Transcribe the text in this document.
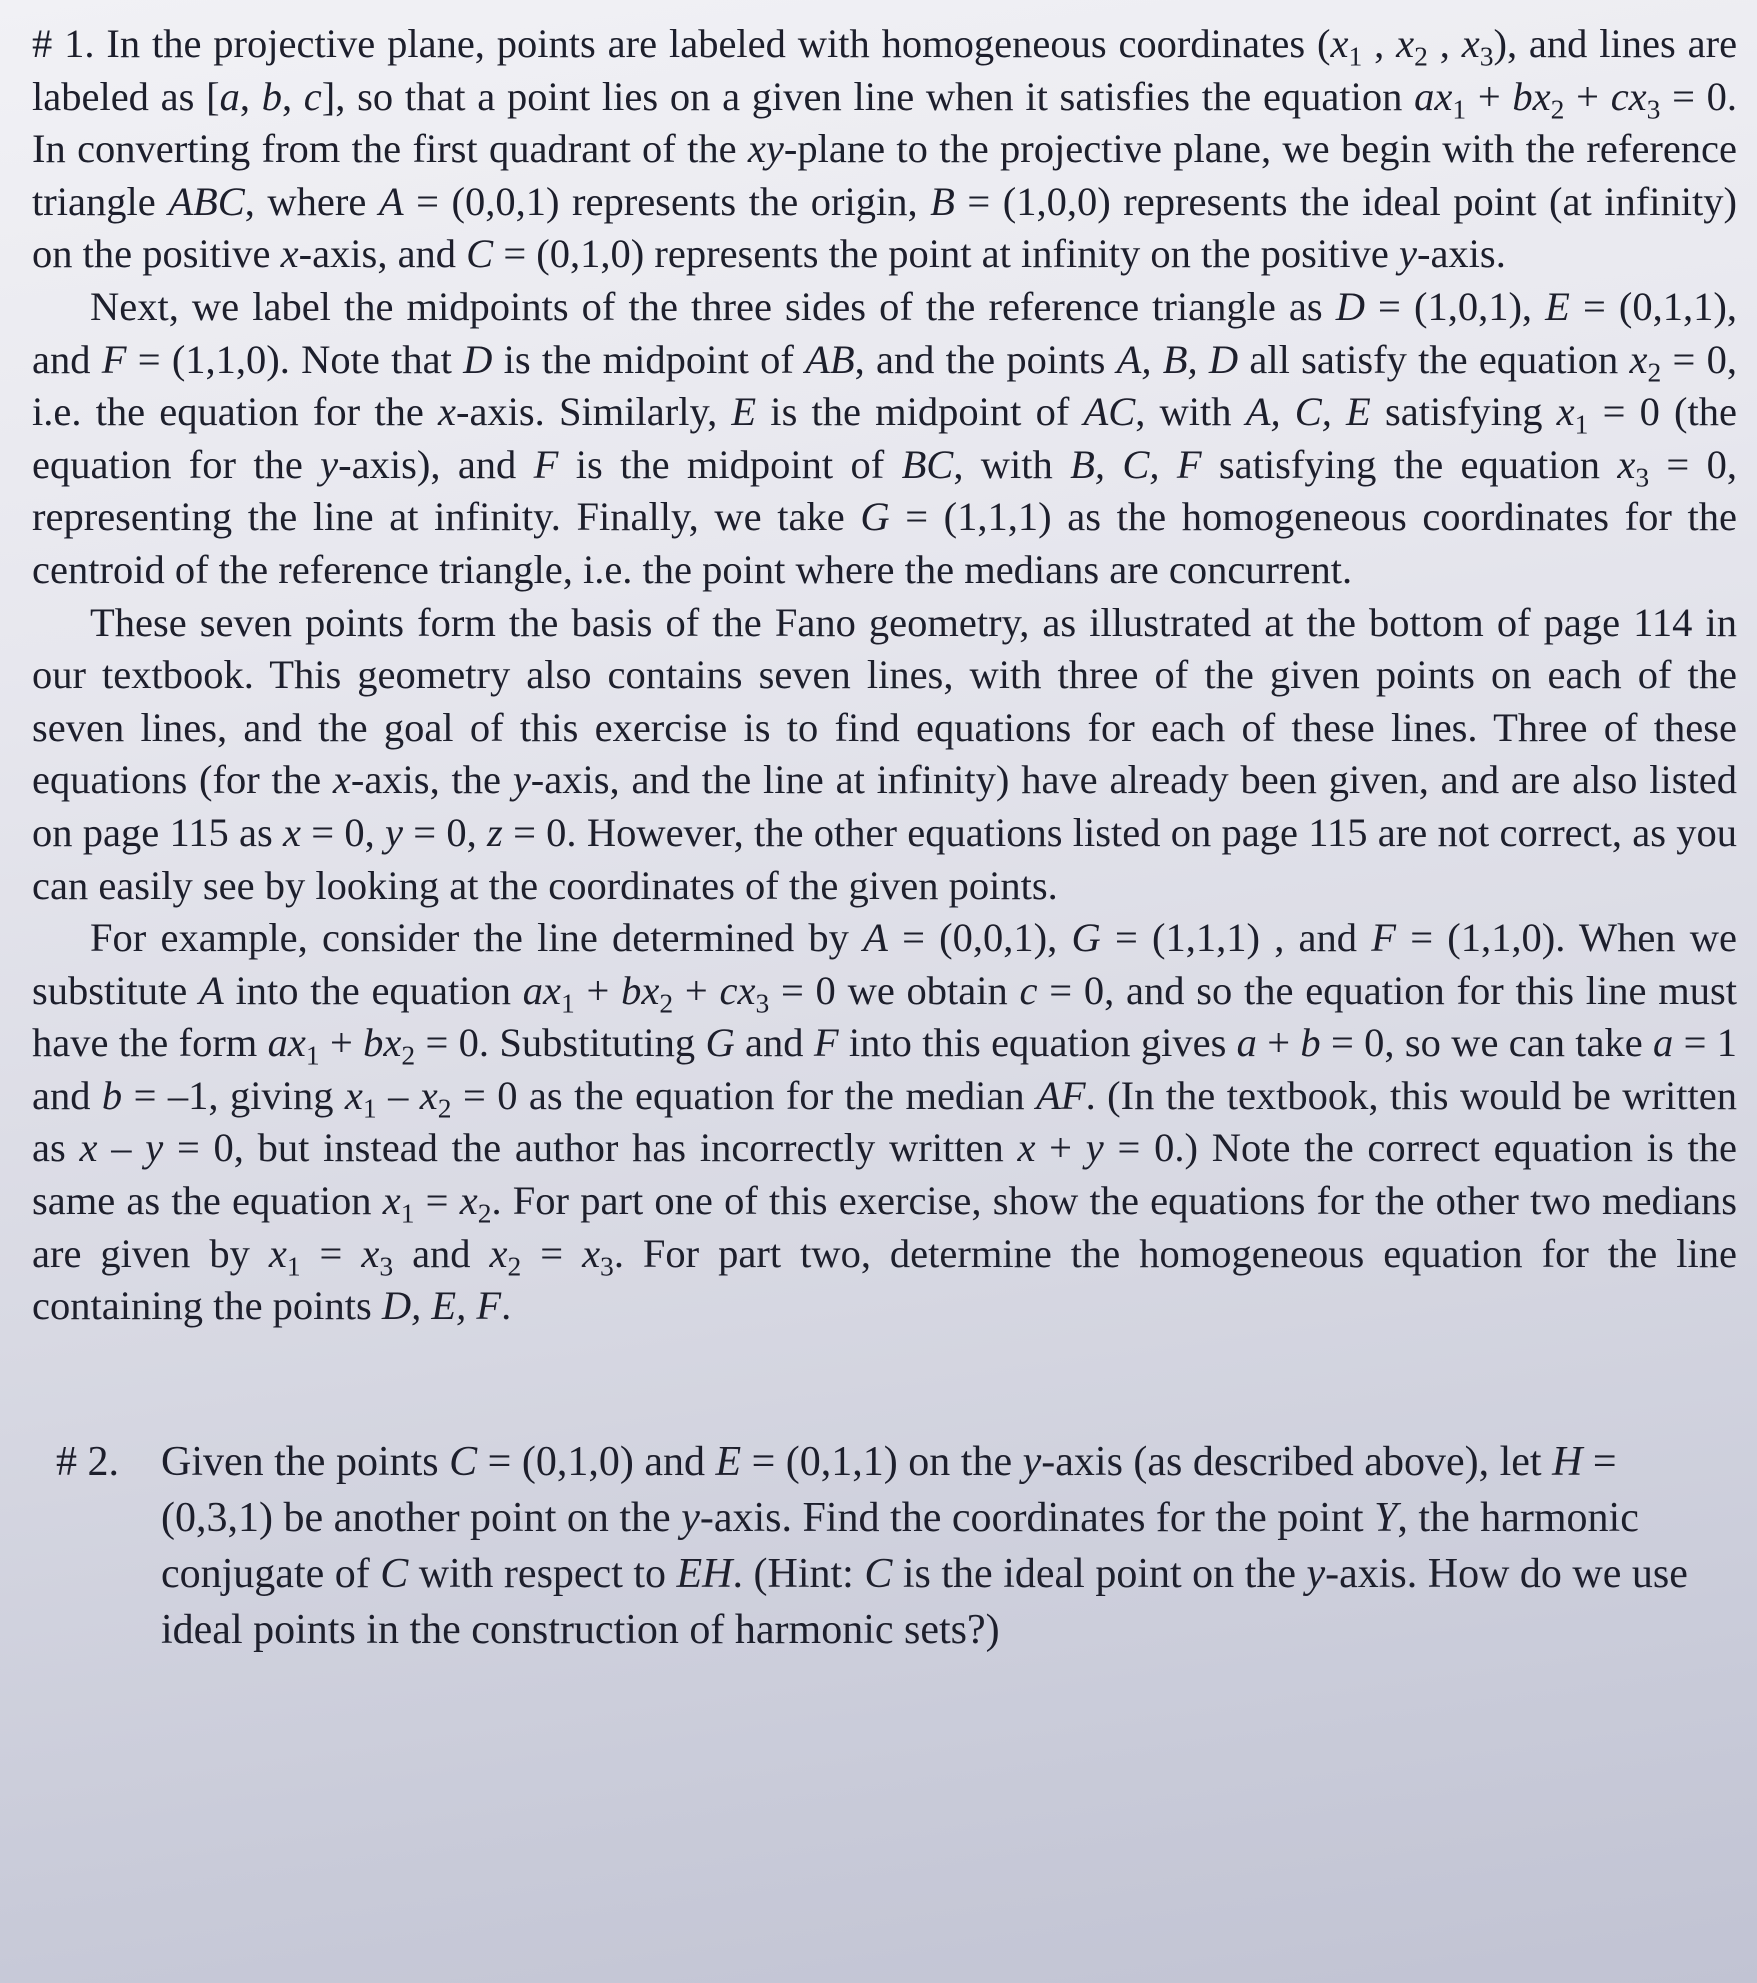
# 1. In the projective plane, points are labeled with homogeneous coordinates ($x_1$ , $x_2$ , $x_3$), and lines are labeled as [a, b, c], so that a point lies on a given line when it satisfies the equation $ax_1 + bx_2 + cx_3 = 0$. In converting from the first quadrant of the xy-plane to the projective plane, we begin with the reference triangle ABC, where A = (0,0,1) represents the origin, B = (1,0,0) represents the ideal point (at infinity) on the positive x-axis, and C = (0,1,0) represents the point at infinity on the positive y-axis.

Next, we label the midpoints of the three sides of the reference triangle as D = (1,0,1), E = (0,1,1), and F = (1,1,0). Note that D is the midpoint of AB, and the points A, B, D all satisfy the equation $x_2 = 0$, i.e. the equation for the x-axis. Similarly, E is the midpoint of AC, with A, C, E satisfying $x_1 = 0$ (the equation for the y-axis), and F is the midpoint of BC, with B, C, F satisfying the equation $x_3 = 0$, representing the line at infinity. Finally, we take G = (1,1,1) as the homogeneous coordinates for the centroid of the reference triangle, i.e. the point where the medians are concurrent.

These seven points form the basis of the Fano geometry, as illustrated at the bottom of page 114 in our textbook. This geometry also contains seven lines, with three of the given points on each of the seven lines, and the goal of this exercise is to find equations for each of these lines. Three of these equations (for the x-axis, the y-axis, and the line at infinity) have already been given, and are also listed on page 115 as x = 0, y = 0, z = 0. However, the other equations listed on page 115 are not correct, as you can easily see by looking at the coordinates of the given points.

For example, consider the line determined by A = (0,0,1), G = (1,1,1) , and F = (1,1,0). When we substitute A into the equation $ax_1 + bx_2 + cx_3 = 0$ we obtain c = 0, and so the equation for this line must have the form $ax_1 + bx_2 = 0$. Substituting G and F into this equation gives a + b = 0, so we can take a = 1 and b = –1, giving $x_1 - x_2 = 0$ as the equation for the median AF. (In the textbook, this would be written as x – y = 0, but instead the author has incorrectly written x + y = 0.) Note the correct equation is the same as the equation $x_1 = x_2$. For part one of this exercise, show the equations for the other two medians are given by $x_1 = x_3$ and $x_2 = x_3$. For part two, determine the homogeneous equation for the line containing the points D, E, F.

# 2. Given the points C = (0,1,0) and E = (0,1,1) on the y-axis (as described above), let H = (0,3,1) be another point on the y-axis. Find the coordinates for the point Y, the harmonic conjugate of C with respect to EH. (Hint: C is the ideal point on the y-axis. How do we use ideal points in the construction of harmonic sets?)
